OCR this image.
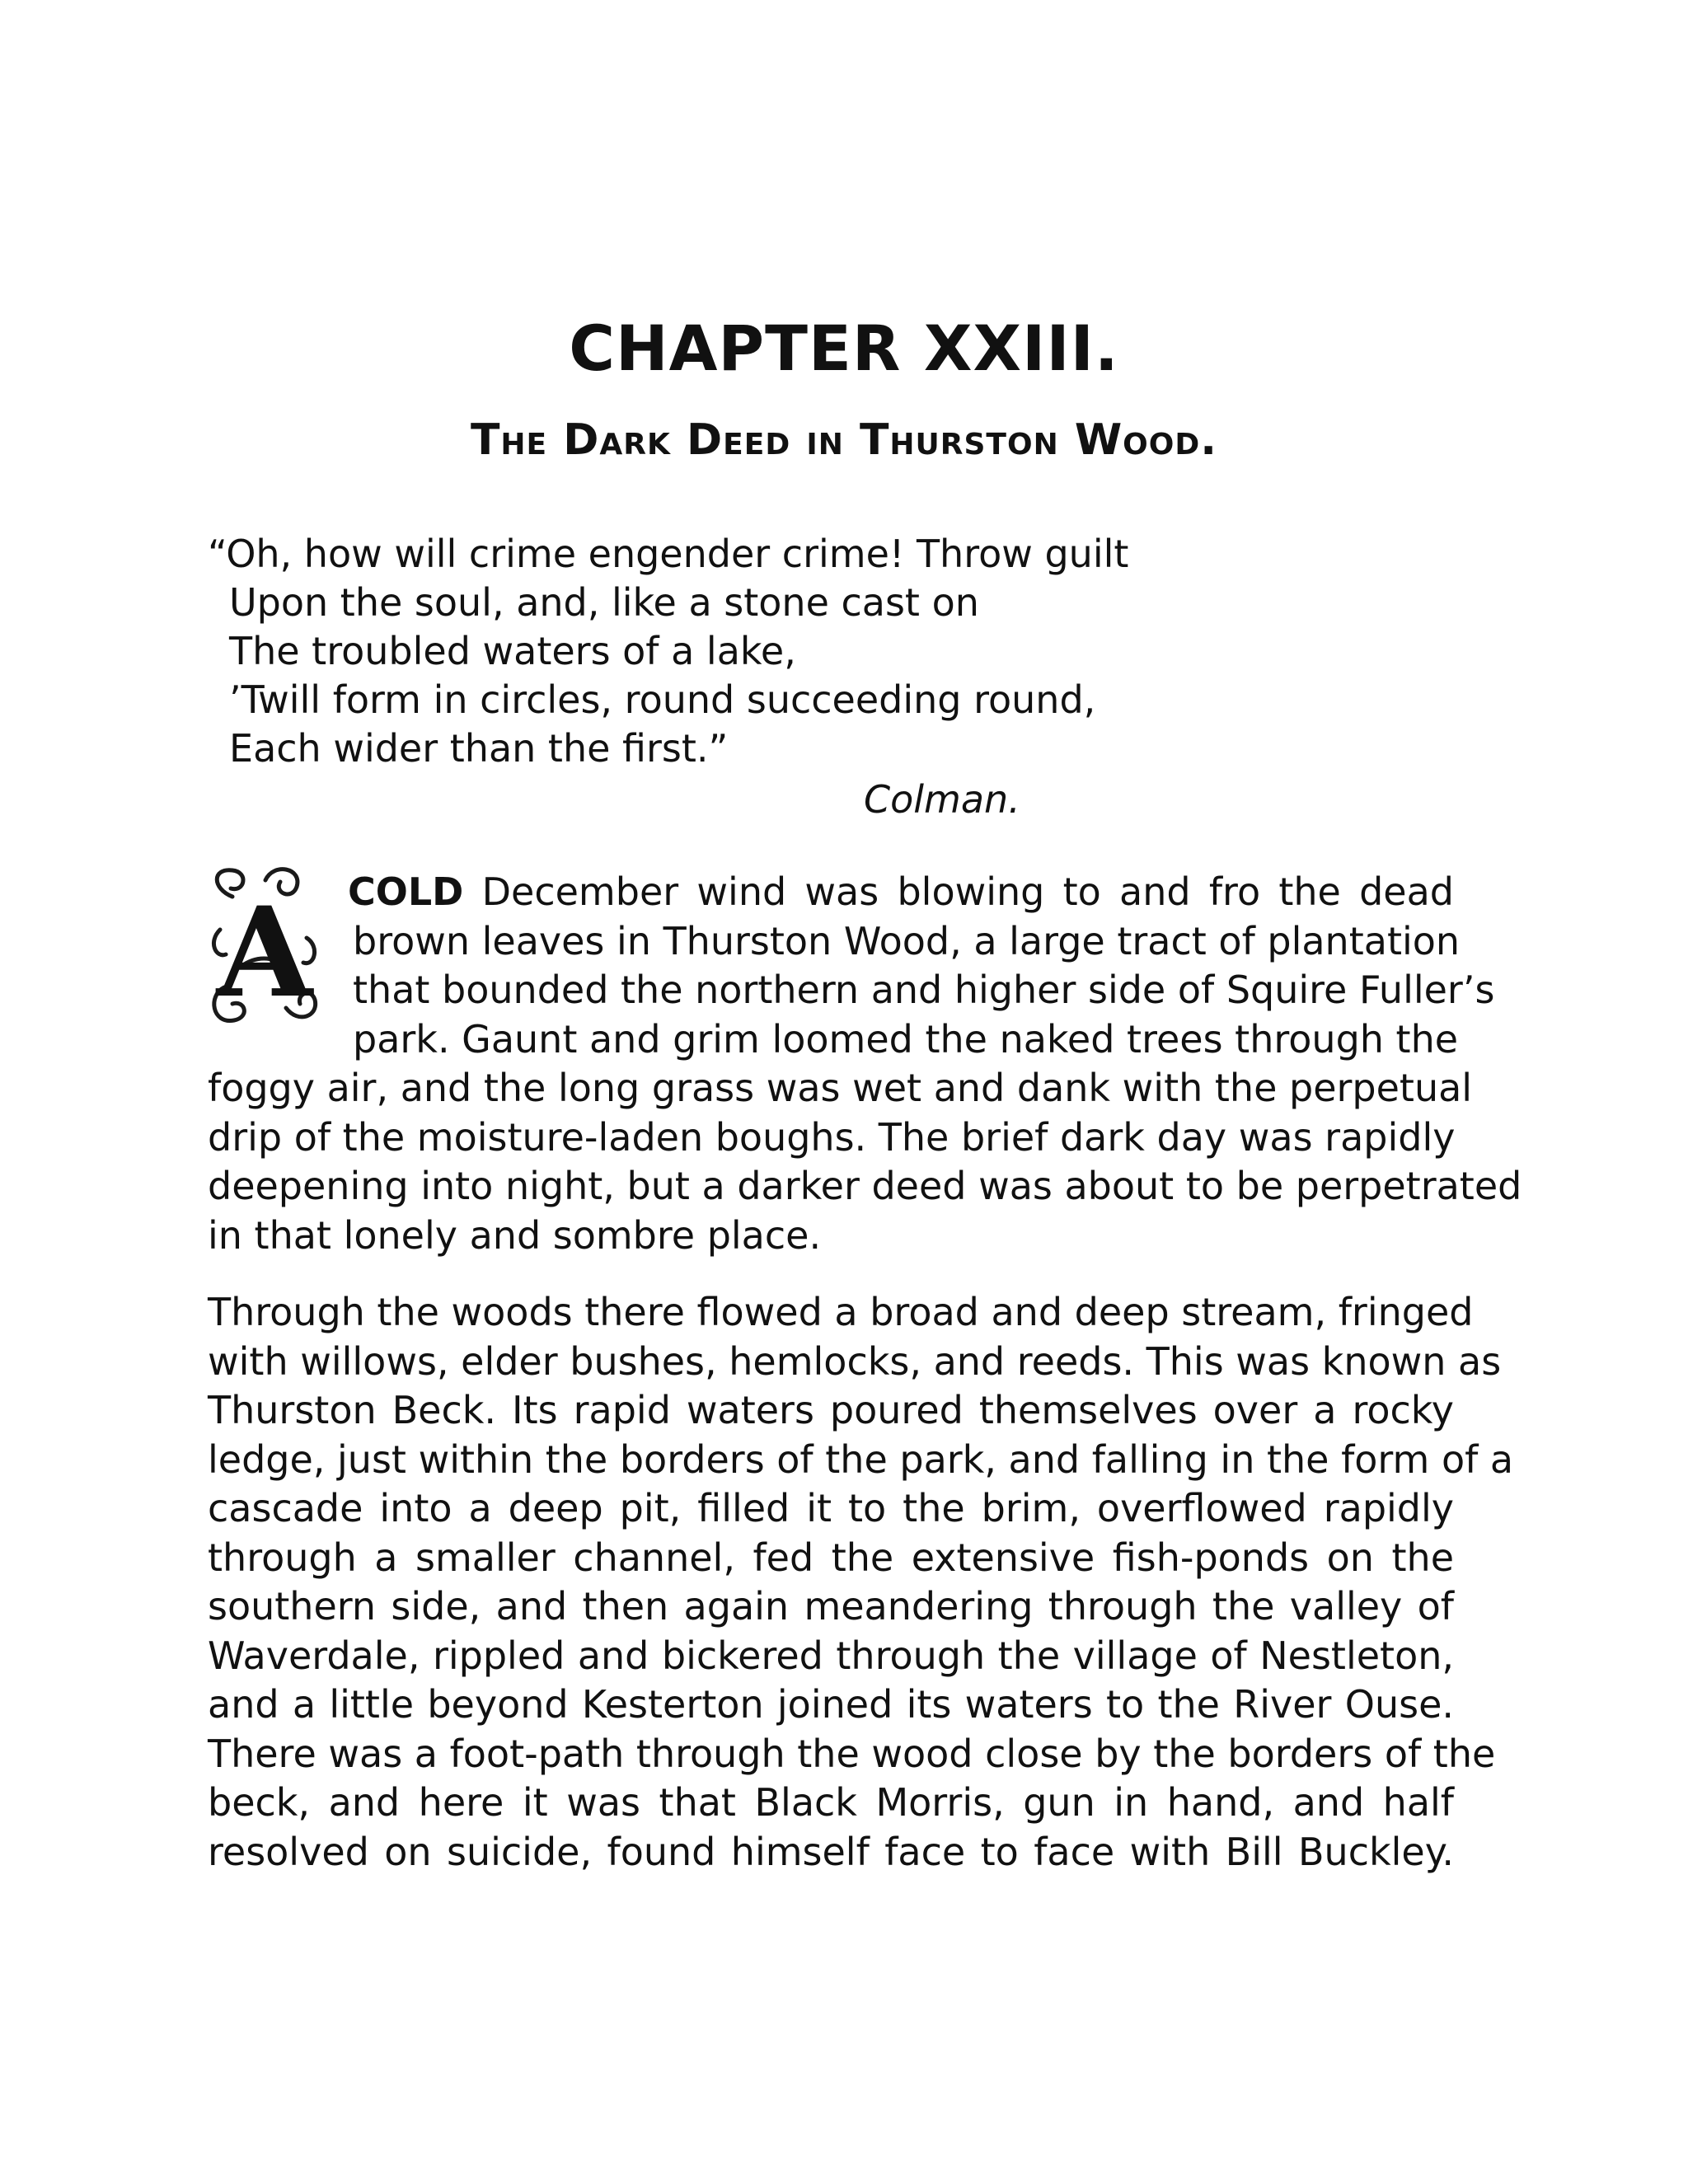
CHAPTER XXIII.
The Dark Deed in Thurston Wood.
“Oh, how will crime engender crime! Throw guilt
Upon the soul, and, like a stone cast on
The troubled waters of a lake,
’Twill form in circles, round succeeding round,
Each wider than the first.”
Colman.
A COLD December wind was blowing to and fro the dead
brown leaves in Thurston Wood, a large tract of plantation
that bounded the northern and higher side of Squire Fuller’s
park. Gaunt and grim loomed the naked trees through the
foggy air, and the long grass was wet and dank with the perpetual
drip of the moisture-laden boughs. The brief dark day was rapidly
deepening into night, but a darker deed was about to be perpetrated
in that lonely and sombre place.
Through the woods there flowed a broad and deep stream, fringed
with willows, elder bushes, hemlocks, and reeds. This was known as
Thurston Beck. Its rapid waters poured themselves over a rocky
ledge, just within the borders of the park, and falling in the form of a
cascade into a deep pit, filled it to the brim, overflowed rapidly
through a smaller channel, fed the extensive fish-ponds on the
southern side, and then again meandering through the valley of
Waverdale, rippled and bickered through the village of Nestleton,
and a little beyond Kesterton joined its waters to the River Ouse.
There was a foot-path through the wood close by the borders of the
beck, and here it was that Black Morris, gun in hand, and half
resolved on suicide, found himself face to face with Bill Buckley.
